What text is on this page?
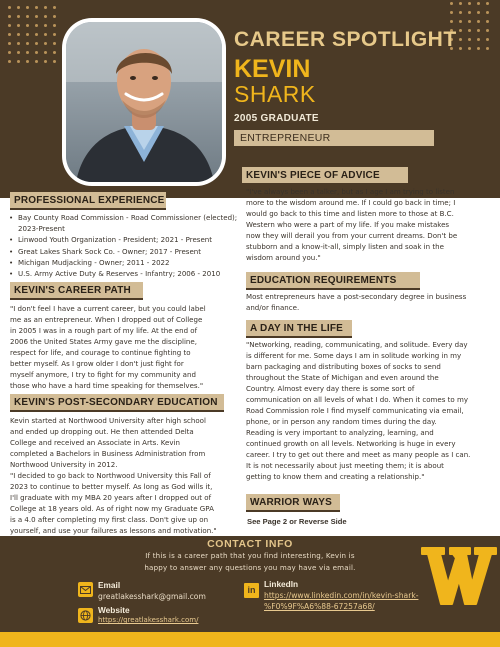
CAREER SPOTLIGHT
KEVIN
SHARK
2005 GRADUATE
ENTREPRENEUR
PROFESSIONAL EXPERIENCE
• Bay County Road Commission - Road Commissioner (elected); 2023-Present
• Linwood Youth Organization - President; 2021 - Present
• Great Lakes Shark Sock Co. - Owner; 2017 - Present
• Michigan Mudjacking - Owner; 2011 - 2022
• U.S. Army Active Duty & Reserves - Infantry; 2006 - 2010
KEVIN'S CAREER PATH
"I don't feel I have a current career, but you could label
me as an entrepreneur. When I dropped out of College
in 2005 I was in a rough part of my life. At the end of
2006 the United States Army gave me the discipline,
respect for life, and courage to continue fighting to
better myself. As I grow older I don't just fight for
myself anymore, I try to fight for my community and
those who have a hard time speaking for themselves."
KEVIN'S POST-SECONDARY EDUCATION
Kevin started at Northwood University after high school
and ended up dropping out. He then attended Delta
College and received an Associate in Arts. Kevin
completed a Bachelors in Business Administration from
Northwood University in 2012.
"I decided to go back to Northwood University this Fall of
2023 to continue to better myself. As long as God wills it,
I'll graduate with my MBA 20 years after I dropped out of
College at 18 years old. As of right now my Graduate GPA
is a 4.0 after completing my first class. Don't give up on
yourself, and use your failures as lessons and motivation."
KEVIN'S PIECE OF ADVICE
"I've always been a talker, but as I age I am trying to listen
more to the wisdom around me. If I could go back in time; I
would go back to this time and listen more to those at B.C.
Western who were a part of my life. If you make mistakes
now they will derail you from your current dreams. Don't be
stubborn and a know-it-all, simply listen and soak in the
wisdom around you."
EDUCATION REQUIREMENTS
Most entrepreneurs have a post-secondary degree in business
and/or finance.
A DAY IN THE LIFE
"Networking, reading, communicating, and solitude. Every day
is different for me. Some days I am in solitude working in my
barn packaging and distributing boxes of socks to send
throughout the State of Michigan and even around the
Country. Almost every day there is some sort of
communication on all levels of what I do. When it comes to my
Road Commission role I find myself communicating via email,
phone, or in person any random times during the day.
Reading is very important to analyzing, learning, and
continued growth on all levels. Networking is huge in every
career. I try to get out there and meet as many people as I can.
It is not necessarily about just meeting them; it is about
getting to know them and creating a relationship."
WARRIOR WAYS
See Page 2 or Reverse Side
CONTACT INFO
If this is a career path that you find interesting, Kevin is
happy to answer any questions you may have via email.
Email
greatlakesshark@gmail.com
Website
https://greatlakesshark.com/
in
LinkedIn
https://www.linkedin.com/in/kevin-shark-
%F0%9F%A6%88-67257a68/
